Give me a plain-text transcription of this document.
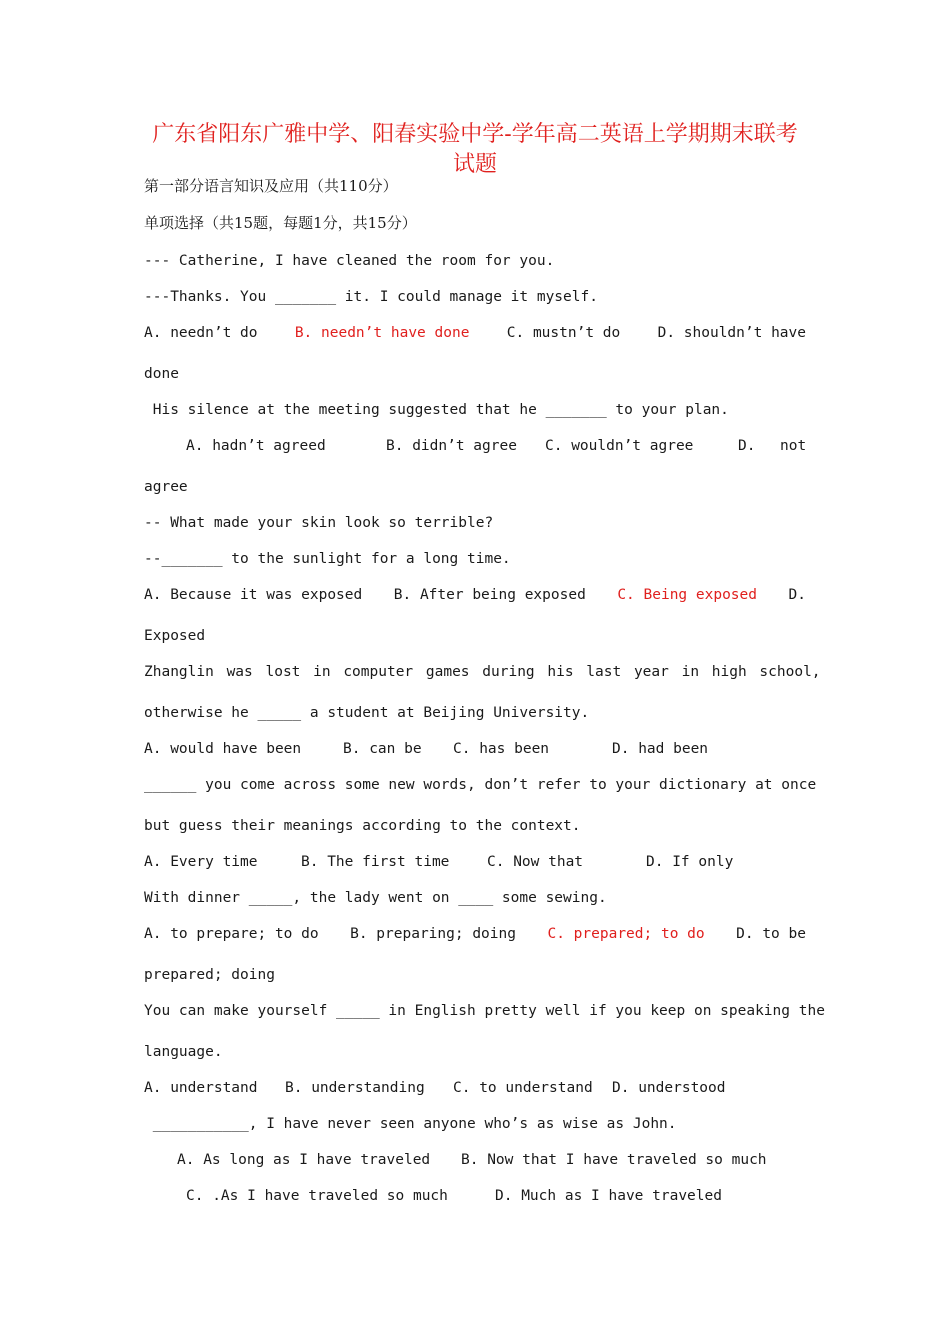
广东省阳东广雅中学、阳春实验中学-学年高二英语上学期期末联考
试题
第一部分语言知识及应用（共110分）
单项选择（共15题，每题1分，共15分）
--- Catherine, I have cleaned the room for you.
---Thanks. You _______ it. I could manage it myself.
A. needn’t do	B. needn’t have done	C. mustn’t do	D. shouldn’t have
done
His silence at the meeting suggested that he _______ to your plan.
A. hadn’t agreed	B. didn’t agree C. wouldn’t agree	D. not
agree
-- What made your skin look so terrible?
--_______ to the sunlight for a long time.
A. Because it was exposed B. After being exposed C. Being exposed D.
Exposed
Zhanglin was lost in computer games during his last year in high school,
otherwise he _____ a student at Beijing University.
A. would have been	B. can be C. has been	D. had been
______ you come across some new words, don’t refer to your dictionary at once
but guess their meanings according to the context.
A. Every time	B. The first time	C. Now that	D. If only
With dinner _____, the lady went on ____ some sewing.
A. to prepare; to do B. preparing; doing C. prepared; to do D. to be
prepared; doing
You can make yourself _____ in English pretty well if you keep on speaking the
language.
A. understand B. understanding C. to understand D. understood
___________, I have never seen anyone who’s as wise as John.
A. As long as I have traveled B. Now that I have traveled so much
C. .As I have traveled so much	D. Much as I have traveled
